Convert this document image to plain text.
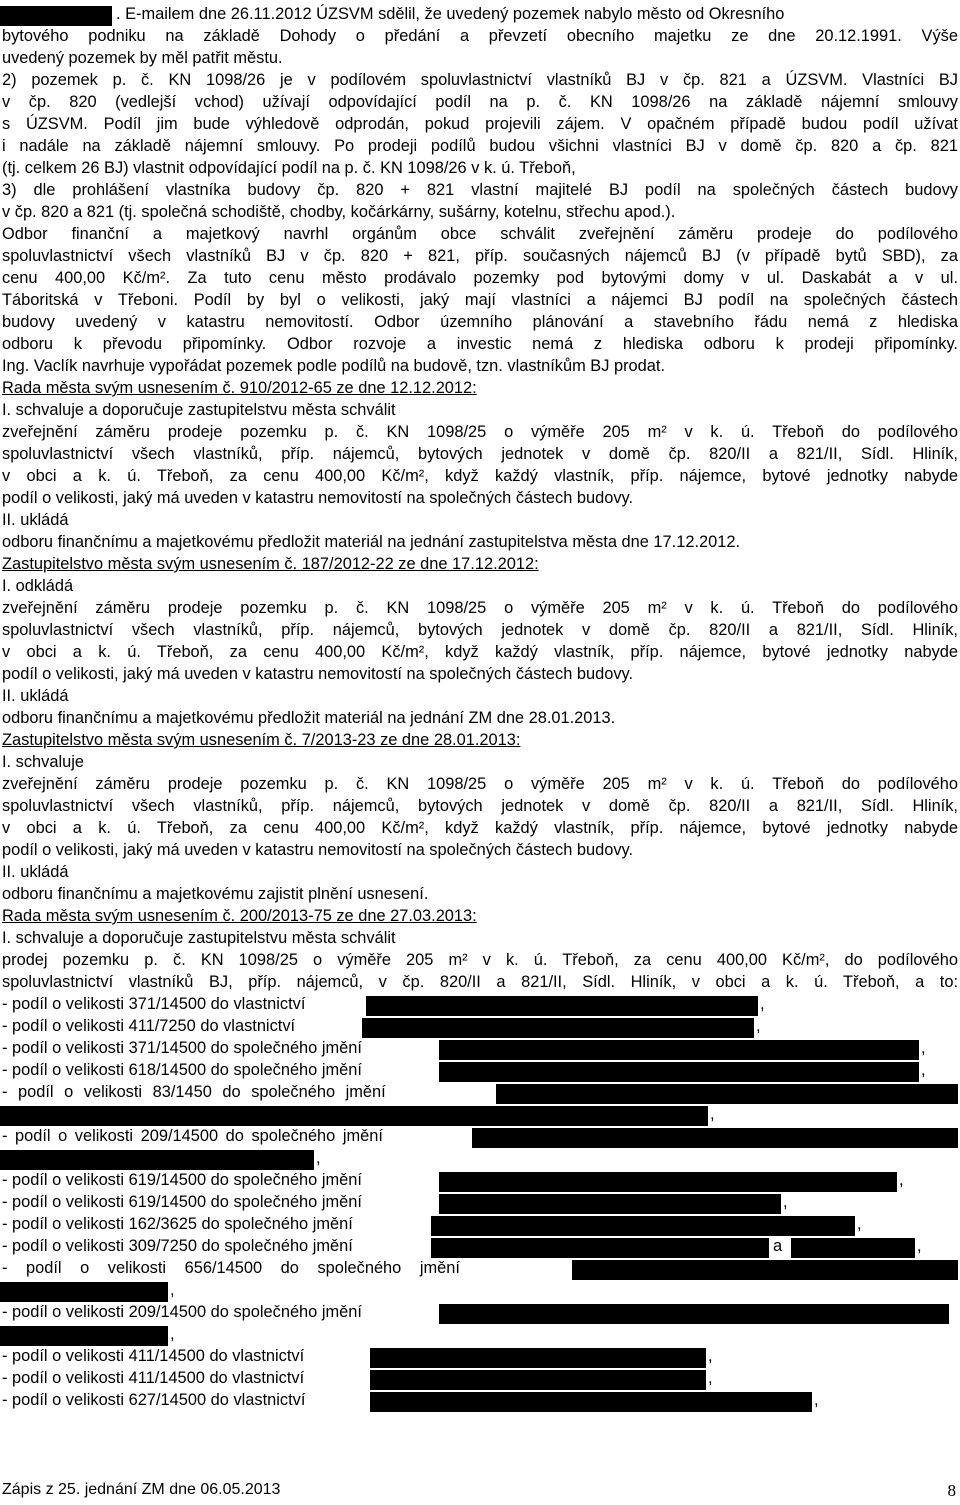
. E-mailem dne 26.11.2012 ÚZSVM sdělil, že uvedený pozemek nabylo město od Okresního
bytového podniku na základě Dohody o předání a převzetí obecního majetku ze dne 20.12.1991. Výše
uvedený pozemek by měl patřit městu.
2) pozemek p. č. KN 1098/26 je v podílovém spoluvlastnictví vlastníků BJ v čp. 821 a ÚZSVM. Vlastníci BJ
v čp. 820 (vedlejší vchod) užívají odpovídající podíl na p. č. KN 1098/26 na základě nájemní smlouvy
s ÚZSVM. Podíl jim bude výhledově odprodán, pokud projevili zájem. V opačném případě budou podíl užívat
i nadále na základě nájemní smlouvy. Po prodeji podílů budou všichni vlastníci BJ v domě čp. 820 a čp. 821
(tj. celkem 26 BJ) vlastnit odpovídající podíl na p. č. KN 1098/26 v k. ú. Třeboň,
3) dle prohlášení vlastníka budovy čp. 820 + 821 vlastní majitelé BJ podíl na společných částech budovy
v čp. 820 a 821 (tj. společná schodiště, chodby, kočárkárny, sušárny, kotelnu, střechu apod.).
Odbor finanční a majetkový navrhl orgánům obce schválit zveřejnění záměru prodeje do podílového
spoluvlastnictví všech vlastníků BJ v čp. 820 + 821, příp. současných nájemců BJ (v případě bytů SBD), za
cenu 400,00 Kč/m². Za tuto cenu město prodávalo pozemky pod bytovými domy v ul. Daskabát a v ul.
Táboritská v Třeboni. Podíl by byl o velikosti, jaký mají vlastníci a nájemci BJ podíl na společných částech
budovy uvedený v katastru nemovitostí. Odbor územního plánování a stavebního řádu nemá z hlediska
odboru k převodu připomínky. Odbor rozvoje a investic nemá z hlediska odboru k prodeji připomínky.
Ing. Vaclík navrhuje vypořádat pozemek podle podílů na budově, tzn. vlastníkům BJ prodat.
Rada města svým usnesením č. 910/2012-65 ze dne 12.12.2012:
I. schvaluje a doporučuje zastupitelstvu města schválit
zveřejnění záměru prodeje pozemku p. č. KN 1098/25 o výměře 205 m² v k. ú. Třeboň do podílového
spoluvlastnictví všech vlastníků, příp. nájemců, bytových jednotek v domě čp. 820/II a 821/II, Sídl. Hliník,
v obci a k. ú. Třeboň, za cenu 400,00 Kč/m², když každý vlastník, příp. nájemce, bytové jednotky nabyde
podíl o velikosti, jaký má uveden v katastru nemovitostí na společných částech budovy.
II. ukládá
odboru finančnímu a majetkovému předložit materiál na jednání zastupitelstva města dne 17.12.2012.
Zastupitelstvo města svým usnesením č. 187/2012-22 ze dne 17.12.2012:
I. odkládá
zveřejnění záměru prodeje pozemku p. č. KN 1098/25 o výměře 205 m² v k. ú. Třeboň do podílového
spoluvlastnictví všech vlastníků, příp. nájemců, bytových jednotek v domě čp. 820/II a 821/II, Sídl. Hliník,
v obci a k. ú. Třeboň, za cenu 400,00 Kč/m², když každý vlastník, příp. nájemce, bytové jednotky nabyde
podíl o velikosti, jaký má uveden v katastru nemovitostí na společných částech budovy.
II. ukládá
odboru finančnímu a majetkovému předložit materiál na jednání ZM dne 28.01.2013.
Zastupitelstvo města svým usnesením č. 7/2013-23 ze dne 28.01.2013:
I. schvaluje
zveřejnění záměru prodeje pozemku p. č. KN 1098/25 o výměře 205 m² v k. ú. Třeboň do podílového
spoluvlastnictví všech vlastníků, příp. nájemců, bytových jednotek v domě čp. 820/II a 821/II, Sídl. Hliník,
v obci a k. ú. Třeboň, za cenu 400,00 Kč/m², když každý vlastník, příp. nájemce, bytové jednotky nabyde
podíl o velikosti, jaký má uveden v katastru nemovitostí na společných částech budovy.
II. ukládá
odboru finančnímu a majetkovému zajistit plnění usnesení.
Rada města svým usnesením č. 200/2013-75 ze dne 27.03.2013:
I. schvaluje a doporučuje zastupitelstvu města schválit
prodej pozemku p. č. KN 1098/25 o výměře 205 m² v k. ú. Třeboň, za cenu 400,00 Kč/m², do podílového
spoluvlastnictví vlastníků BJ, příp. nájemců, v čp. 820/II a 821/II, Sídl. Hliník, v obci a k. ú. Třeboň, a to:
- podíl o velikosti 371/14500 do vlastnictví	,
- podíl o velikosti 411/7250 do vlastnictví	,
- podíl o velikosti 371/14500 do společného jmění	,
- podíl o velikosti 618/14500 do společného jmění	,
- podíl o velikosti 83/1450 do společného jmění
,
- podíl o velikosti 209/14500 do společného jmění
,
- podíl o velikosti 619/14500 do společného jmění	,
- podíl o velikosti 619/14500 do společného jmění	,
- podíl o velikosti 162/3625 do společného jmění	,
- podíl o velikosti 309/7250 do společného jmění	a	,
- podíl o velikosti 656/14500 do společného jmění
,
- podíl o velikosti 209/14500 do společného jmění
,
- podíl o velikosti 411/14500 do vlastnictví	,
- podíl o velikosti 411/14500 do vlastnictví	,
- podíl o velikosti 627/14500 do vlastnictví	,
Zápis z 25. jednání ZM dne 06.05.2013	8
